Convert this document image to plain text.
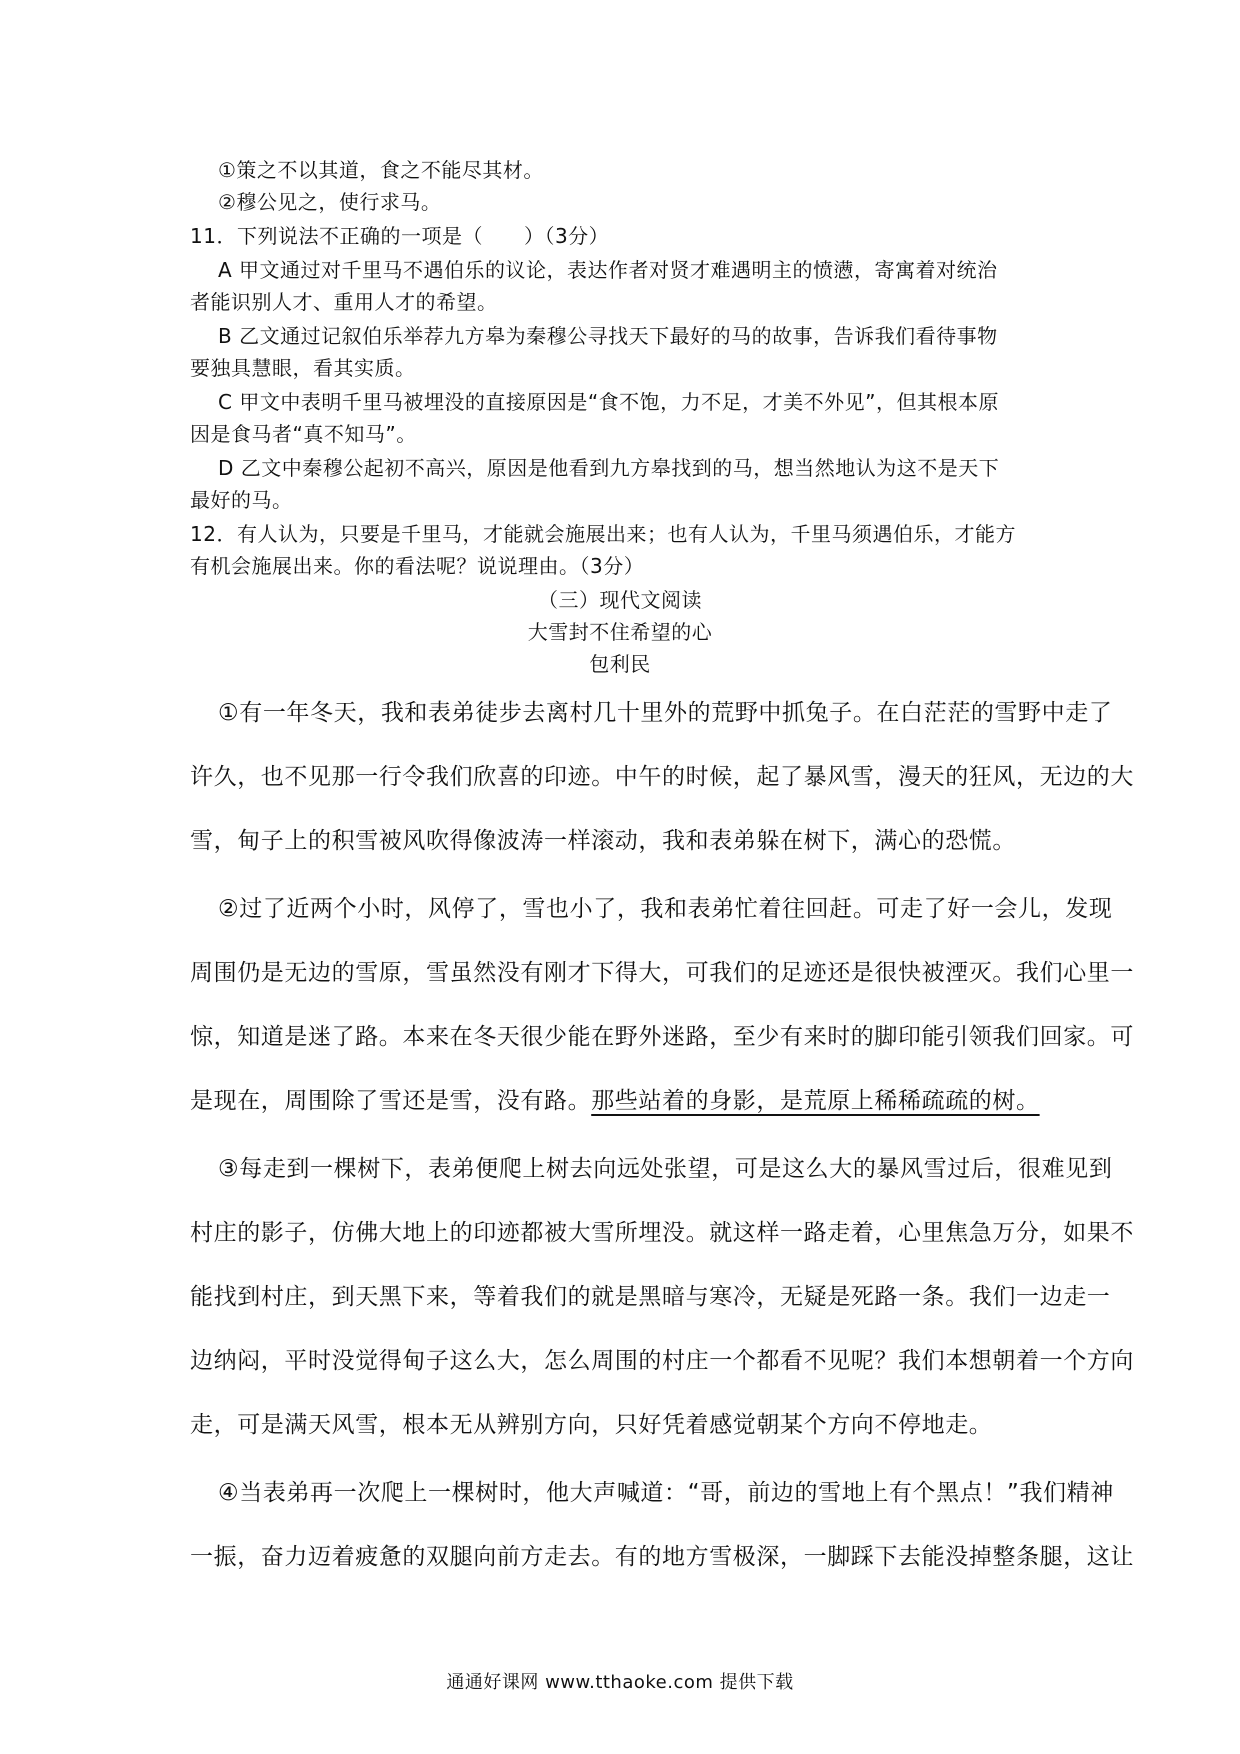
①策之不以其道，食之不能尽其材。
②穆公见之，使行求马。
11．下列说法不正确的一项是（　　）（3分）
A 甲文通过对千里马不遇伯乐的议论，表达作者对贤才难遇明主的愤懑，寄寓着对统治
者能识别人才、重用人才的希望。
B 乙文通过记叙伯乐举荐九方皋为秦穆公寻找天下最好的马的故事，告诉我们看待事物
要独具慧眼，看其实质。
C 甲文中表明千里马被埋没的直接原因是“食不饱，力不足，才美不外见”，但其根本原
因是食马者“真不知马”。
D 乙文中秦穆公起初不高兴，原因是他看到九方皋找到的马，想当然地认为这不是天下
最好的马。
12．有人认为，只要是千里马，才能就会施展出来；也有人认为，千里马须遇伯乐，才能方
有机会施展出来。你的看法呢？说说理由。（3分）
（三）现代文阅读
大雪封不住希望的心
包利民
①有一年冬天，我和表弟徒步去离村几十里外的荒野中抓兔子。在白茫茫的雪野中走了
许久，也不见那一行令我们欣喜的印迹。中午的时候，起了暴风雪，漫天的狂风，无边的大
雪，甸子上的积雪被风吹得像波涛一样滚动，我和表弟躲在树下，满心的恐慌。
②过了近两个小时，风停了，雪也小了，我和表弟忙着往回赶。可走了好一会儿，发现
周围仍是无边的雪原，雪虽然没有刚才下得大，可我们的足迹还是很快被湮灭。我们心里一
惊，知道是迷了路。本来在冬天很少能在野外迷路，至少有来时的脚印能引领我们回家。可
是现在，周围除了雪还是雪，没有路。那些站着的身影，是荒原上稀稀疏疏的树。
③每走到一棵树下，表弟便爬上树去向远处张望，可是这么大的暴风雪过后，很难见到
村庄的影子，仿佛大地上的印迹都被大雪所埋没。就这样一路走着，心里焦急万分，如果不
能找到村庄，到天黑下来，等着我们的就是黑暗与寒冷，无疑是死路一条。我们一边走一
边纳闷，平时没觉得甸子这么大，怎么周围的村庄一个都看不见呢？我们本想朝着一个方向
走，可是满天风雪，根本无从辨别方向，只好凭着感觉朝某个方向不停地走。
④当表弟再一次爬上一棵树时，他大声喊道：“哥，前边的雪地上有个黑点！”我们精神
一振，奋力迈着疲惫的双腿向前方走去。有的地方雪极深，一脚踩下去能没掉整条腿，这让
通通好课网 www.tthaoke.com 提供下载
